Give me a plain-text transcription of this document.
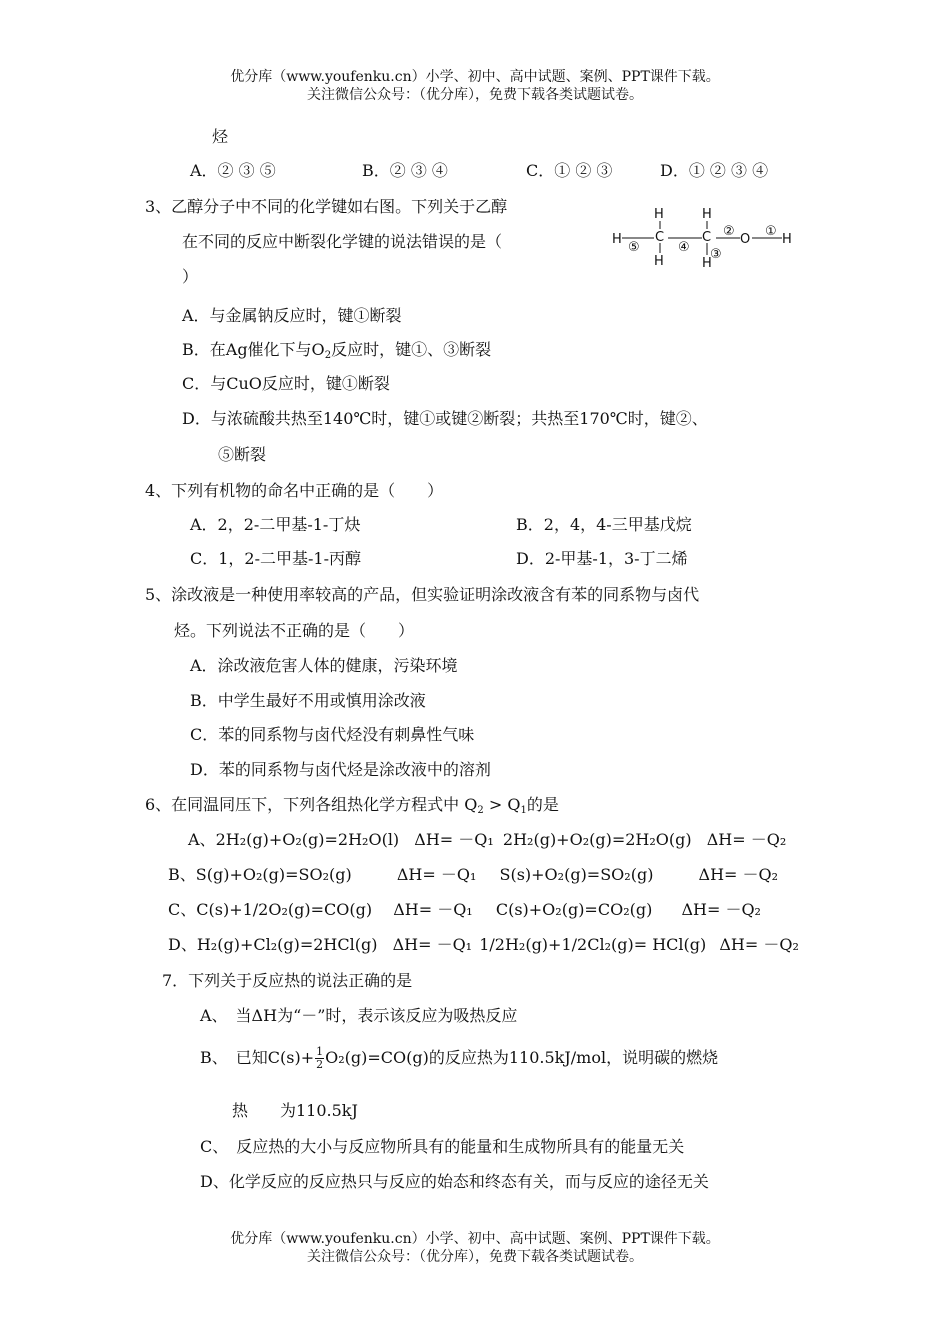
优分库（www.youfenku.cn）小学、初中、高中试题、案例、PPT课件下载。
关注微信公众号：（优分库），免费下载各类试题试卷。
烃
A．② ③ ⑤	B．② ③ ④	C．① ② ③	D．① ② ③ ④
3、乙醇分子中不同的化学键如右图。下列关于乙醇
在不同的反应中断裂化学键的说法错误的是（
）
H
C
H
H
C
H
H	O H
①
②
③
④
⑤
A．与金属钠反应时，键①断裂
B．在Ag催化下与$O_2$反应时，键①、③断裂
C．与CuO反应时，键①断裂
D．与浓硫酸共热至140℃时，键①或键②断裂；共热至170℃时，键②、
⑤断裂
4、下列有机物的命名中正确的是（　　）
A．2，2-二甲基-1-丁炔	B．2，4，4-三甲基戊烷
C．1，2-二甲基-1-丙醇	D．2-甲基-1，3-丁二烯
5、涂改液是一种使用率较高的产品，但实验证明涂改液含有苯的同系物与卤代
烃。下列说法不正确的是（　　）
A．涂改液危害人体的健康，污染环境
B．中学生最好不用或慎用涂改液
C．苯的同系物与卤代烃没有刺鼻性气味
D．苯的同系物与卤代烃是涂改液中的溶剂
6、在同温同压下，下列各组热化学方程式中 $Q_2 > Q_1$的是
A、2H₂(g)+O₂(g)=2H₂O(l) ΔH= －Q₁ 2H₂(g)+O₂(g)=2H₂O(g) ΔH= －Q₂
B、S(g)+O₂(g)=SO₂(g)	ΔH= －Q₁ S(s)+O₂(g)=SO₂(g)	ΔH= －Q₂
C、C(s)+1/2O₂(g)=CO(g) ΔH= －Q₁ C(s)+O₂(g)=CO₂(g) ΔH= －Q₂
D、H₂(g)+Cl₂(g)=2HCl(g) ΔH= －Q₁ 1/2H₂(g)+1/2Cl₂(g)= HCl(g) ΔH= －Q₂
7．下列关于反应热的说法正确的是
A、　当ΔH为“－”时，表示该反应为吸热反应
B、　已知$C(s)+ \frac{1}{2} O_2(g)=CO(g)$的反应热为110.5kJ/mol，说明碳的燃烧
热　　为110.5kJ
C、　反应热的大小与反应物所具有的能量和生成物所具有的能量无关
D、化学反应的反应热只与反应的始态和终态有关，而与反应的途径无关
优分库（www.youfenku.cn）小学、初中、高中试题、案例、PPT课件下载。
关注微信公众号：（优分库），免费下载各类试题试卷。
